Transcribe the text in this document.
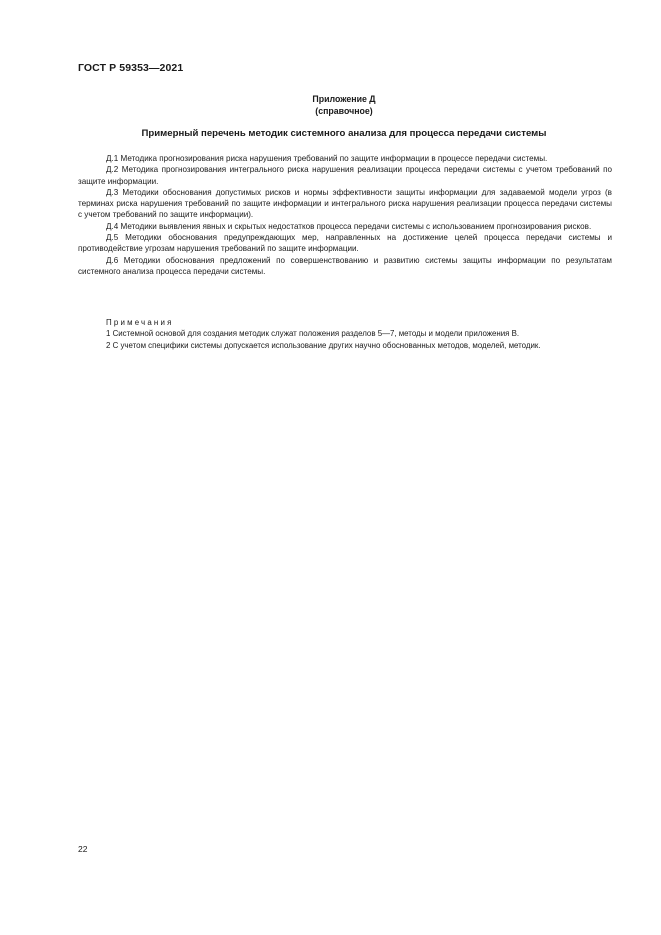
ГОСТ Р 59353—2021
Приложение Д
(справочное)
Примерный перечень методик системного анализа для процесса передачи системы

Д.1 Методика прогнозирования риска нарушения требований по защите информации в процессе передачи системы.

Д.2 Методика прогнозирования интегрального риска нарушения реализации процесса передачи системы с учетом требований по защите информации.

Д.3 Методики обоснования допустимых рисков и нормы эффективности защиты информации для задаваемой модели угроз (в терминах риска нарушения требований по защите информации и интегрального риска нарушения реализации процесса передачи системы с учетом требований по защите информации).

Д.4 Методики выявления явных и скрытых недостатков процесса передачи системы с использованием прогнозирования рисков.

Д.5 Методики обоснования предупреждающих мер, направленных на достижение целей процесса передачи системы и противодействие угрозам нарушения требований по защите информации.

Д.6 Методики обоснования предложений по совершенствованию и развитию системы защиты информации по результатам системного анализа процесса передачи системы.

Примечания

1 Системной основой для создания методик служат положения разделов 5—7, методы и модели приложения В.

2 С учетом специфики системы допускается использование других научно обоснованных методов, моделей, методик.

22
